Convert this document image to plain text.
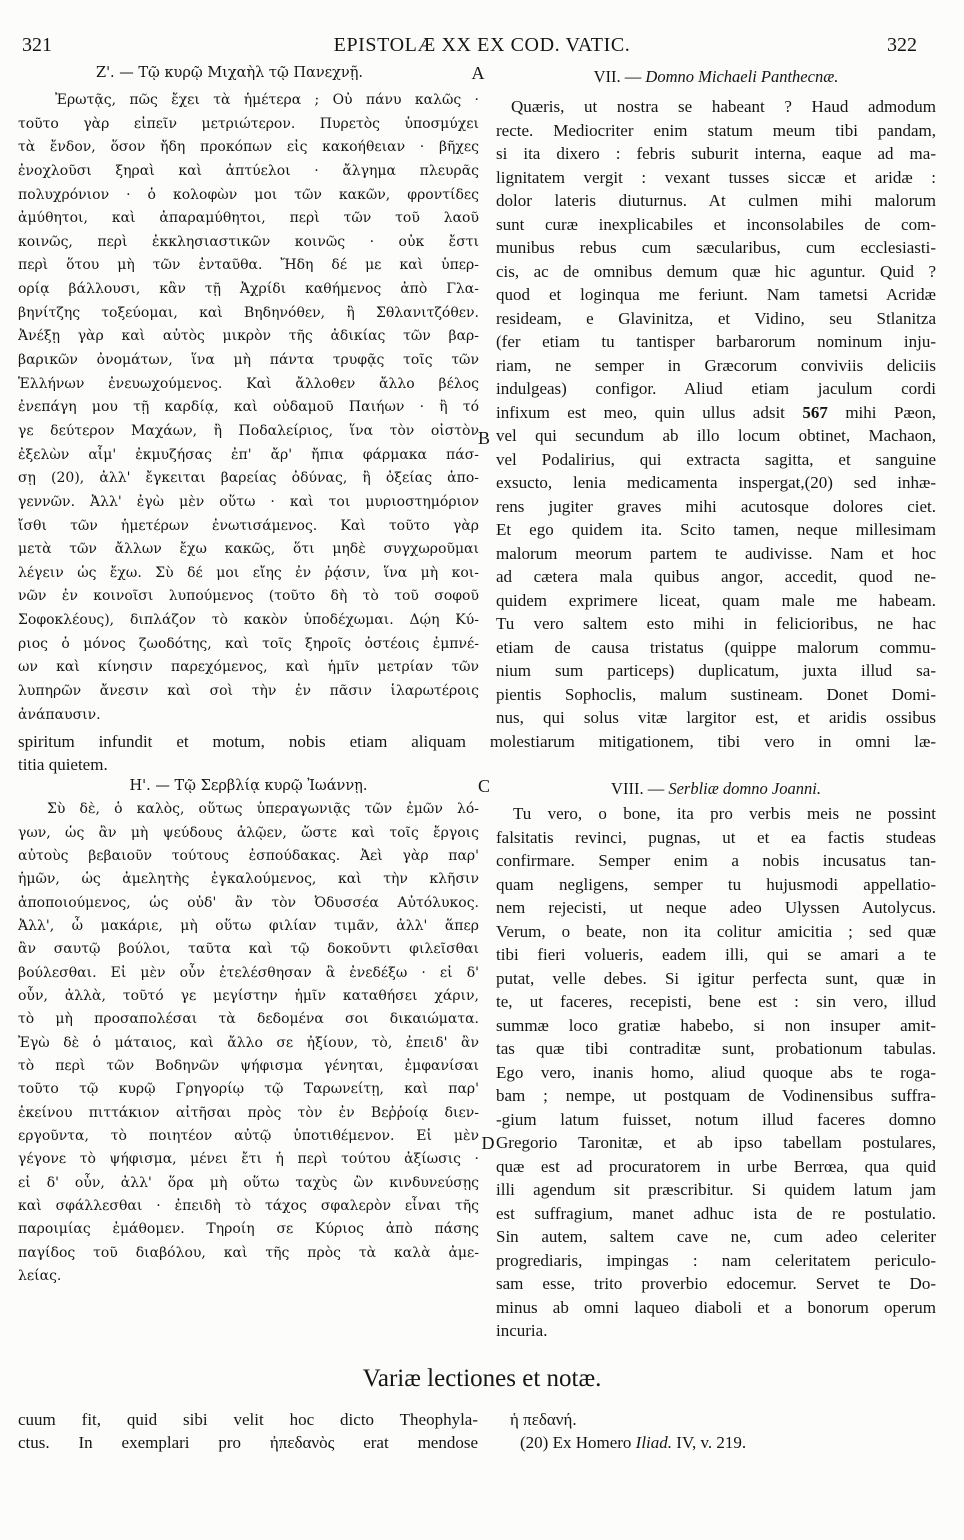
321	EPISTOLÆ XX EX COD. VATIC.	322
A
B
C
D
Ζ'. — Τῷ κυρῷ Μιχαὴλ τῷ Πανεχνῇ.	VII. — Domno Michaeli Panthecnæ.
Ἐρωτᾷς, πῶς ἔχει τὰ ἡμέτερα ; Οὐ πάνυ καλῶς ·
τοῦτο γὰρ εἰπεῖν μετριώτερον. Πυρετὸς ὑποσμύχει
τὰ ἔνδον, ὅσον ἤδη προκόπων εἰς κακοήθειαν · βῆχες
ἐνοχλοῦσι ξηραὶ καὶ ἀπτύελοι · ἄλγημα πλευρᾶς
πολυχρόνιον · ὁ κολοφὼν μοι τῶν κακῶν, φροντίδες
ἀμύθητοι, καὶ ἀπαραμύθητοι, περὶ τῶν τοῦ λαοῦ
κοινῶς, περὶ ἐκκλησιαστικῶν κοινῶς · οὐκ ἔστι
περὶ ὅτου μὴ τῶν ἐνταῦθα. Ἤδη δέ με καὶ ὑπερ-
ορίᾳ βάλλουσι, κἂν τῇ Ἀχρίδι καθήμενος ἀπὸ Γλα-
βηνίτζης τοξεύομαι, καὶ Βηδηνόθεν, ἢ Σθλανιτζόθεν.
Ἀνέξῃ γὰρ καὶ αὐτὸς μικρὸν τῆς ἀδικίας τῶν βαρ-
βαρικῶν ὀνομάτων, ἵνα μὴ πάντα τρυφᾷς τοῖς τῶν
Ἑλλήνων ἐνευωχούμενος. Καὶ ἄλλοθεν ἄλλο βέλος
ἐνεπάγη μου τῇ καρδίᾳ, καὶ οὐδαμοῦ Παιήων · ἢ τό
γε δεύτερον Μαχάων, ἢ Ποδαλείριος, ἵνα τὸν οἰστὸν
ἐξελὼν αἷμ' ἐκμυζήσας ἐπ' ἄρ' ἤπια φάρμακα πάσ-
σῃ (20), ἀλλ' ἔγκειται βαρείας ὀδύνας, ἢ ὀξείας ἀπο-
γεννῶν. Ἀλλ' ἐγὼ μὲν οὕτω · καὶ τοι μυριοστημόριον
ἴσθι τῶν ἡμετέρων ἐνωτισάμενος. Καὶ τοῦτο γὰρ
μετὰ τῶν ἄλλων ἔχω κακῶς, ὅτι μηδὲ συγχωροῦμαι
λέγειν ὡς ἔχω. Σὺ δέ μοι εἴης ἐν ῥᾴσιν, ἵνα μὴ κοι-
νῶν ἐν κοινοῖσι λυπούμενος (τοῦτο δὴ τὸ τοῦ σοφοῦ
Σοφοκλέους), διπλάζον τὸ κακὸν ὑποδέχωμαι. Δῴη Κύ-
ριος ὁ μόνος ζωοδότης, καὶ τοῖς ξηροῖς ὀστέοις ἐμπνέ-
ων καὶ κίνησιν παρεχόμενος, καὶ ἡμῖν μετρίαν τῶν
λυπηρῶν ἄνεσιν καὶ σοὶ τὴν ἐν πᾶσιν ἱλαρωτέροις
ἀνάπαυσιν.
Quæris, ut nostra se habeant ? Haud admodum
recte. Mediocriter enim statum meum tibi pandam,
si ita dixero : febris suburit interna, eaque ad ma-
lignitatem vergit : vexant tusses siccæ et aridæ :
dolor lateris diuturnus. At culmen mihi malorum
sunt curæ inexplicabiles et inconsolabiles de com-
munibus rebus cum sæcularibus, cum ecclesiasti-
cis, ac de omnibus demum quæ hic aguntur. Quid ?
quod et loginqua me feriunt. Nam tametsi Acridæ
resideam, e Glavinitza, et Vidino, seu Stlanitza
(fer etiam tu tantisper barbarorum nominum inju-
riam, ne semper in Græcorum conviviis deliciis
indulgeas) configor. Aliud etiam jaculum cordi
infixum est meo, quin ullus adsit 567 mihi Pæon,
vel qui secundum ab illo locum obtinet, Machaon,
vel Podalirius, qui extracta sagitta, et sanguine
exsucto, lenia medicamenta inspergat,(20) sed inhæ-
rens jugiter graves mihi acutosque dolores ciet.
Et ego quidem ita. Scito tamen, neque millesimam
malorum meorum partem te audivisse. Nam et hoc
ad cætera mala quibus angor, accedit, quod ne-
quidem exprimere liceat, quam male me habeam.
Tu vero saltem esto mihi in felicioribus, ne hac
etiam de causa tristatus (quippe malorum commu-
nium sum particeps) duplicatum, juxta illud sa-
pientis Sophoclis, malum sustineam. Donet Domi-
nus, qui solus vitæ largitor est, et aridis ossibus
spiritum infundit et motum, nobis etiam aliquam molestiarum mitigationem, tibi vero in omni læ-
titia quietem.
Η'. — Τῷ Σερβλίᾳ κυρῷ Ἰωάννῃ.	VIII. — Serbliæ domno Joanni.
Σὺ δὲ, ὁ καλὸς, οὕτως ὑπεραγωνιᾷς τῶν ἐμῶν λό-
γων, ὡς ἂν μὴ ψεύδους ἁλῷεν, ὥστε καὶ τοῖς ἔργοις
αὐτοὺς βεβαιοῦν τούτους ἐσπούδακας. Ἀεὶ γὰρ παρ'
ἡμῶν, ὡς ἀμελητὴς ἐγκαλούμενος, καὶ τὴν κλῆσιν
ἀποποιούμενος, ὡς οὐδ' ἂν τὸν Ὀδυσσέα Αὐτόλυκος.
Ἀλλ', ὦ μακάριε, μὴ οὕτω φιλίαν τιμᾶν, ἀλλ' ἅπερ
ἂν σαυτῷ βούλοι, ταῦτα καὶ τῷ δοκοῦντι φιλεῖσθαι
βούλεσθαι. Εἰ μὲν οὖν ἐτελέσθησαν ἃ ἐνεδέξω · εἰ δ'
οὖν, ἀλλὰ, τοῦτό γε μεγίστην ἡμῖν καταθήσει χάριν,
τὸ μὴ προσαπολέσαι τὰ δεδομένα σοι δικαιώματα.
Ἐγὼ δὲ ὁ μάταιος, καὶ ἄλλο σε ἠξίουν, τὸ, ἐπειδ' ἂν
τὸ περὶ τῶν Βοδηνῶν ψήφισμα γένηται, ἐμφανίσαι
τοῦτο τῷ κυρῷ Γρηγορίῳ τῷ Ταρωνείτῃ, καὶ παρ'
ἐκείνου πιττάκιον αἰτῆσαι πρὸς τὸν ἐν Βεῤῥοίᾳ διεν-
εργοῦντα, τὸ ποιητέον αὐτῷ ὑποτιθέμενον. Εἰ μὲν
γέγονε τὸ ψήφισμα, μένει ἔτι ἡ περὶ τούτου ἀξίωσις ·
εἰ δ' οὖν, ἀλλ' ὅρα μὴ οὕτω ταχὺς ὢν κινδυνεύσῃς
καὶ σφάλλεσθαι · ἐπειδὴ τὸ τάχος σφαλερὸν εἶναι τῆς
παροιμίας ἐμάθομεν. Τηροίη σε Κύριος ἀπὸ πάσης
παγίδος τοῦ διαβόλου, καὶ τῆς πρὸς τὰ καλὰ ἀμε-
λείας.
Tu vero, o bone, ita pro verbis meis ne possint
falsitatis revinci, pugnas, ut et ea factis studeas
confirmare. Semper enim a nobis incusatus tan-
quam negligens, semper tu hujusmodi appellatio-
nem rejecisti, ut neque adeo Ulyssen Autolycus.
Verum, o beate, non ita colitur amicitia ; sed quæ
tibi fieri volueris, eadem illi, qui se amari a te
putat, velle debes. Si igitur perfecta sunt, quæ in
te, ut faceres, recepisti, bene est : sin vero, illud
summæ loco gratiæ habebo, si non insuper amit-
tas quæ tibi contraditæ sunt, probationum tabulas.
Ego vero, inanis homo, aliud quoque abs te roga-
bam ; nempe, ut postquam de Vodinensibus suffra-
-gium latum fuisset, notum illud faceres domno
Gregorio Taronitæ, et ab ipso tabellam postulares,
quæ est ad procuratorem in urbe Berrœa, qua quid
illi agendum sit præscribitur. Si quidem latum jam
est suffragium, manet adhuc ista de re postulatio.
Sin autem, saltem cave ne, cum adeo celeriter
progrediaris, impingas : nam celeritatem periculo-
sam esse, trito proverbio edocemur. Servet te Do-
minus ab omni laqueo diaboli et a bonorum operum
incuria.
Variæ lectiones et notæ.
cuum fit, quid sibi velit hoc dicto Theophyla-
ctus. In exemplari pro ἠπεδανὸς erat mendose
ἡ πεδανή.
(20) Ex Homero Iliad. IV, v. 219.
